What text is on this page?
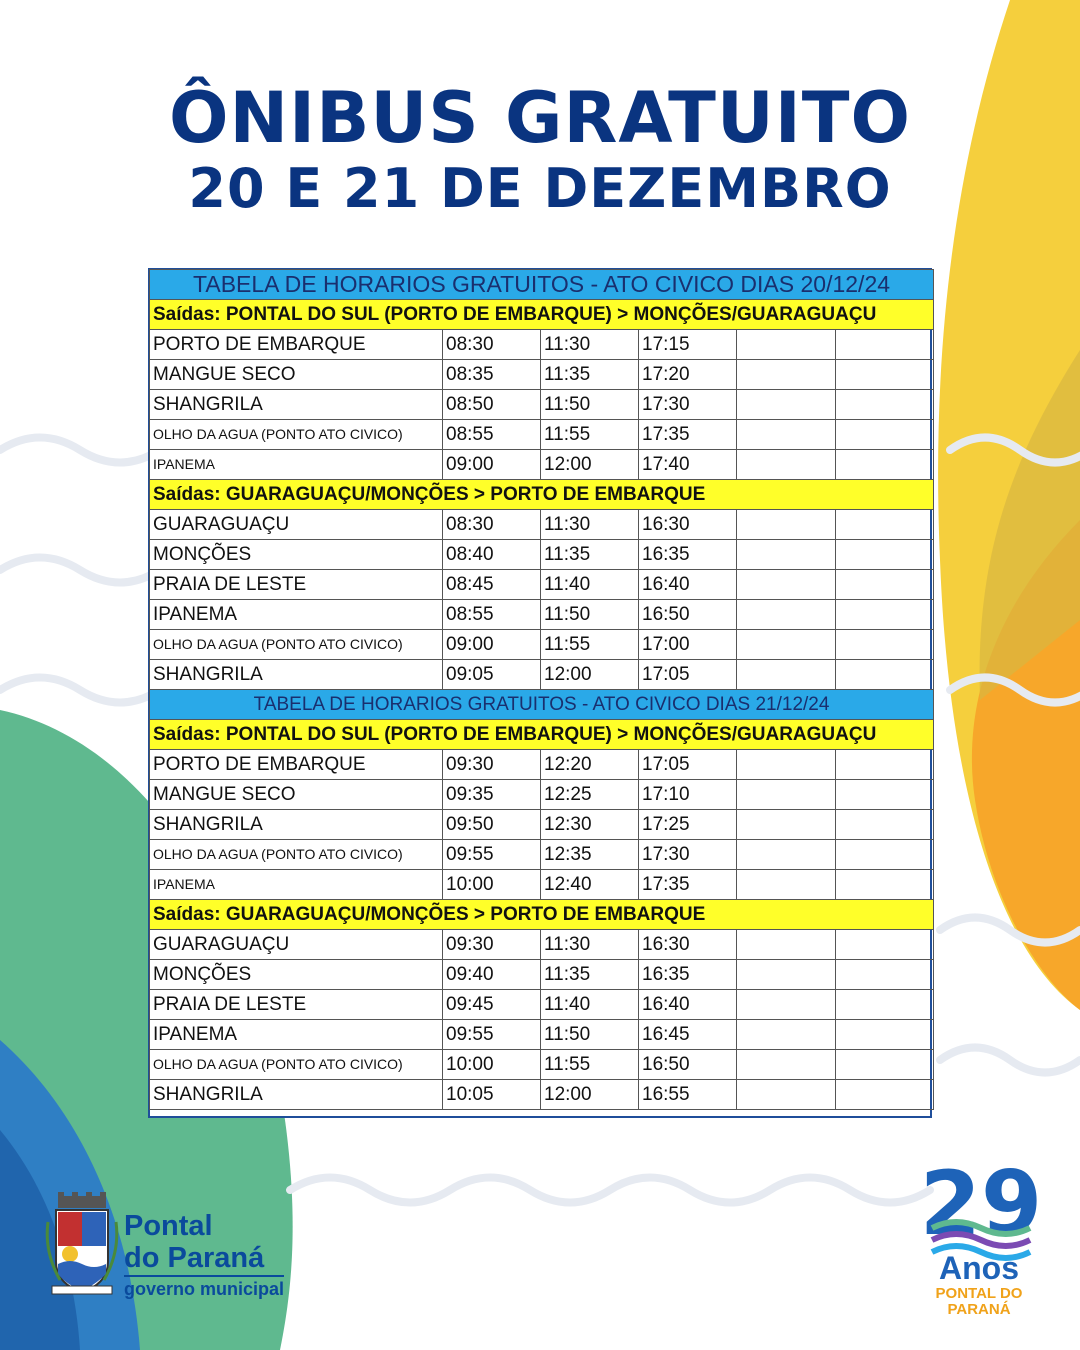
ÔNIBUS GRATUITO
20 E 21 DE DEZEMBRO
TABELA DE HORARIOS GRATUITOS - ATO CIVICO DIAS 20/12/24					
Saídas: PONTAL DO SUL (PORTO DE EMBARQUE) > MONÇÕES/GUARAGUAÇU					
PORTO DE EMBARQUE	08:30	11:30	17:15		
MANGUE SECO	08:35	11:35	17:20		
SHANGRILA	08:50	11:50	17:30		
OLHO DA AGUA (PONTO ATO CIVICO)	08:55	11:55	17:35		
IPANEMA	09:00	12:00	17:40		
Saídas: GUARAGUAÇU/MONÇÕES > PORTO DE EMBARQUE					
GUARAGUAÇU	08:30	11:30	16:30		
MONÇÕES	08:40	11:35	16:35		
PRAIA DE LESTE	08:45	11:40	16:40		
IPANEMA	08:55	11:50	16:50		
OLHO DA AGUA (PONTO ATO CIVICO)	09:00	11:55	17:00		
SHANGRILA	09:05	12:00	17:05		
TABELA DE HORARIOS GRATUITOS - ATO CIVICO DIAS 21/12/24					
Saídas: PONTAL DO SUL (PORTO DE EMBARQUE) > MONÇÕES/GUARAGUAÇU					
PORTO DE EMBARQUE	09:30	12:20	17:05		
MANGUE SECO	09:35	12:25	17:10		
SHANGRILA	09:50	12:30	17:25		
OLHO DA AGUA (PONTO ATO CIVICO)	09:55	12:35	17:30		
IPANEMA	10:00	12:40	17:35		
Saídas: GUARAGUAÇU/MONÇÕES > PORTO DE EMBARQUE					
GUARAGUAÇU	09:30	11:30	16:30		
MONÇÕES	09:40	11:35	16:35		
PRAIA DE LESTE	09:45	11:40	16:40		
IPANEMA	09:55	11:50	16:45		
OLHO DA AGUA (PONTO ATO CIVICO)	10:00	11:55	16:50		
SHANGRILA	10:05	12:00	16:55		
Pontal
do Paraná
governo municipal
29
Anos
PONTAL DO
PARANÁ
